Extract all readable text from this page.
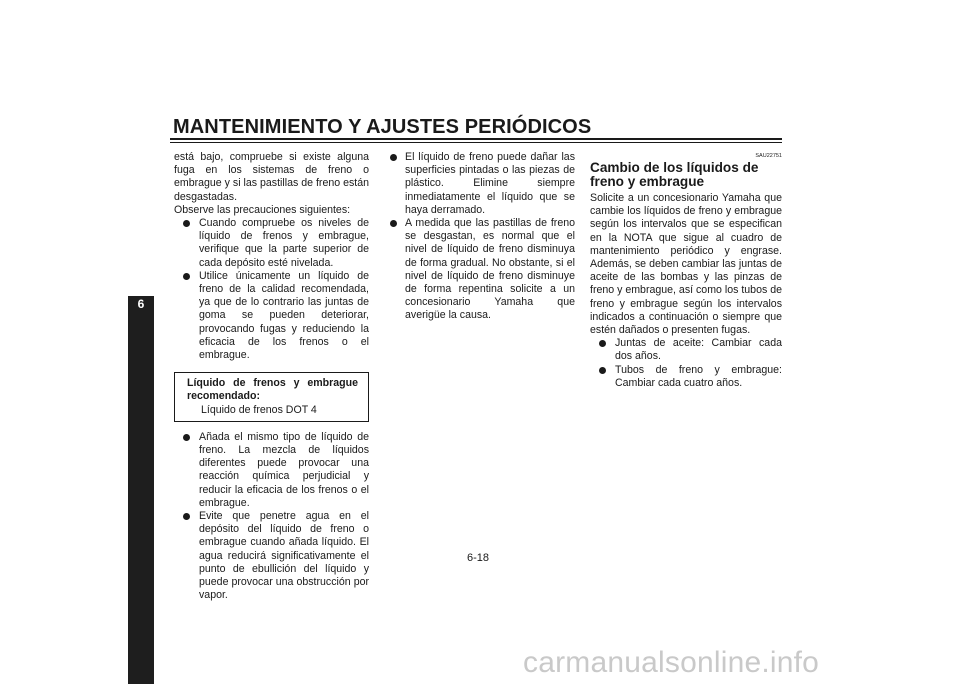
MANTENIMIENTO Y AJUSTES PERIÓDICOS
6

está bajo, compruebe si existe alguna fuga en los sistemas de freno o embrague y si las pastillas de freno están desgastadas.

Observe las precauciones siguientes:

Cuando compruebe os niveles de líquido de frenos y embrague, verifique que la parte superior de cada depósito esté nivelada.
Utilice únicamente un líquido de freno de la calidad recomendada, ya que de lo contrario las juntas de goma se pueden deteriorar, provocando fugas y reduciendo la eficacia de los frenos o el embrague.

Líquido de frenos y embrague recomendado:

Líquido de frenos DOT 4

Añada el mismo tipo de líquido de freno. La mezcla de líquidos diferentes puede provocar una reacción química perjudicial y reducir la eficacia de los frenos o el embrague.
Evite que penetre agua en el depósito del líquido de freno o embrague cuando añada líquido. El agua reducirá significativamente el punto de ebullición del líquido y puede provocar una obstrucción por vapor.
El líquido de freno puede dañar las superficies pintadas o las piezas de plástico. Elimine siempre inmediatamente el líquido que se haya derramado.
A medida que las pastillas de freno se desgastan, es normal que el nivel de líquido de freno disminuya de forma gradual. No obstante, si el nivel de líquido de freno disminuye de forma repentina solicite a un concesionario Yamaha que averigüe la causa.
SAU22751
Cambio de los líquidos de freno y embrague

Solicite a un concesionario Yamaha que cambie los líquidos de freno y embrague según los intervalos que se especifican en la NOTA que sigue al cuadro de mantenimiento periódico y engrase. Además, se deben cambiar las juntas de aceite de las bombas y las pinzas de freno y embrague, así como los tubos de freno y embrague según los intervalos indicados a continuación o siempre que estén dañados o presenten fugas.

Juntas de aceite: Cambiar cada dos años.
Tubos de freno y embrague: Cambiar cada cuatro años.
6-18
carmanualsonline.info
